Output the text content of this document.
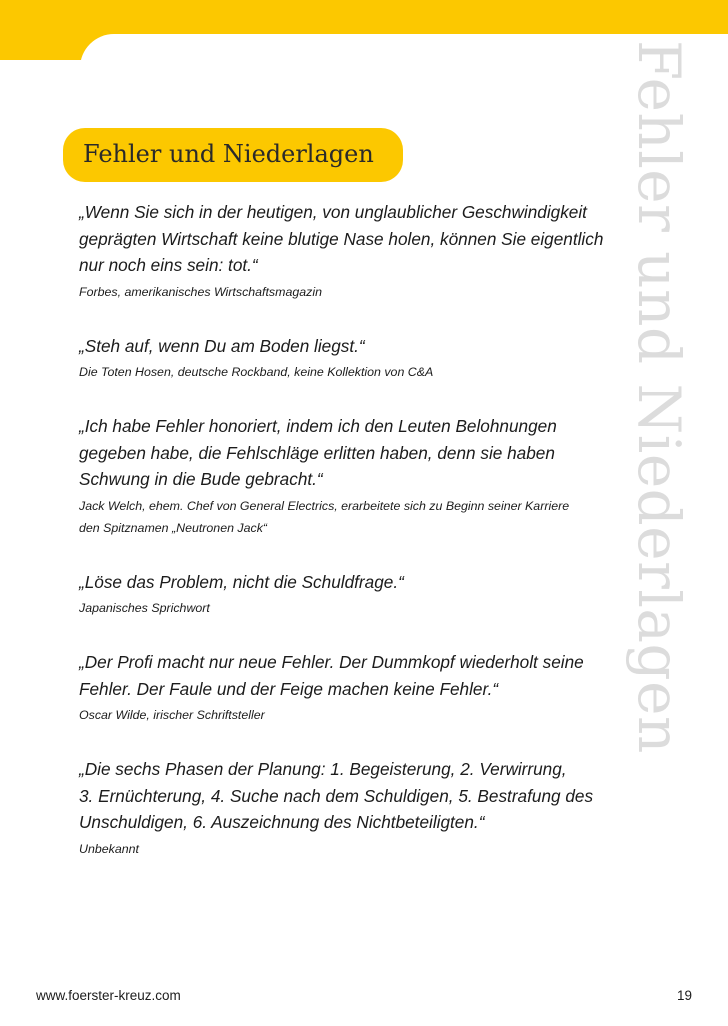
Fehler und Niederlagen
Fehler und Niederlagen
„Wenn Sie sich in der heutigen, von unglaublicher Geschwindigkeit
geprägten Wirtschaft keine blutige Nase holen, können Sie eigentlich
nur noch eins sein: tot.“
Forbes, amerikanisches Wirtschaftsmagazin
„Steh auf, wenn Du am Boden liegst.“
Die Toten Hosen, deutsche Rockband, keine Kollektion von C&A
„Ich habe Fehler honoriert, indem ich den Leuten Belohnungen
gegeben habe, die Fehlschläge erlitten haben, denn sie haben
Schwung in die Bude gebracht.“
Jack Welch, ehem. Chef von General Electrics, erarbeitete sich zu Beginn seiner Karriere
den Spitznamen „Neutronen Jack“
„Löse das Problem, nicht die Schuldfrage.“
Japanisches Sprichwort
„Der Profi macht nur neue Fehler. Der Dummkopf wiederholt seine
Fehler. Der Faule und der Feige machen keine Fehler.“
Oscar Wilde, irischer Schriftsteller
„Die sechs Phasen der Planung: 1. Begeisterung, 2. Verwirrung,
3. Ernüchterung, 4. Suche nach dem Schuldigen, 5. Bestrafung des
Unschuldigen, 6. Auszeichnung des Nichtbeteiligten.“
Unbekannt
www.foerster-kreuz.com	19
